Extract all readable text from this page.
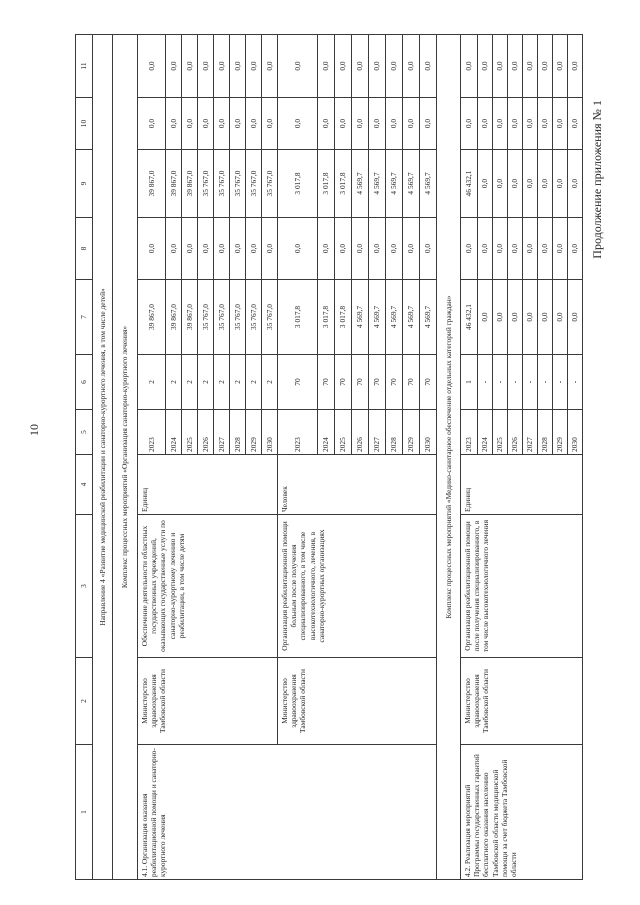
10
Продолжение приложения № 1
1	2	3	4	5	6	7	8	9	10	11
Направление 4 «Развитие медицинской реабилитации и санаторно-курортного лечения, в том числе детей»										
Комплекс процессных мероприятий «Организация санаторно-курортного лечения»										
4.1. Организация оказания реабилитационной помощи и санаторно-курортного лечения	Министерство здравоохранения Тамбовской области	Обеспечение деятельности областных государственных учреждений, оказывающих государственные услуги по санаторно-курортному лечению и реабилитации, в том числе детям	Единиц	2023	2	39 867,0	0,0	39 867,0	0,0	0,0
				2024	2	39 867,0	0,0	39 867,0	0,0	0,0
				2025	2	39 867,0	0,0	39 867,0	0,0	0,0
				2026	2	35 767,0	0,0	35 767,0	0,0	0,0
				2027	2	35 767,0	0,0	35 767,0	0,0	0,0
				2028	2	35 767,0	0,0	35 767,0	0,0	0,0
				2029	2	35 767,0	0,0	35 767,0	0,0	0,0
				2030	2	35 767,0	0,0	35 767,0	0,0	0,0
	Министерство здравоохранения Тамбовской области	Организация реабилитационной помощи больным после получения специализированного, в том числе высокотехнологичного, лечения, в санаторно-курортных организациях	Человек	2023	70	3 017,8	0,0	3 017,8	0,0	0,0
				2024	70	3 017,8	0,0	3 017,8	0,0	0,0
				2025	70	3 017,8	0,0	3 017,8	0,0	0,0
				2026	70	4 569,7	0,0	4 569,7	0,0	0,0
				2027	70	4 569,7	0,0	4 569,7	0,0	0,0
				2028	70	4 569,7	0,0	4 569,7	0,0	0,0
				2029	70	4 569,7	0,0	4 569,7	0,0	0,0
				2030	70	4 569,7	0,0	4 569,7	0,0	0,0
Комплекс процессных мероприятий «Медико-санитарное обеспечение отдельных категорий граждан»										
4.2. Реализация мероприятий Программы государственных гарантий бесплатного оказания населению Тамбовской области медицинской помощи за счет бюджета Тамбовской области	Министерство здравоохранения Тамбовской области	Организация реабилитационной помощи после получения специализированного, в том числе высокотехнологичного лечения	Единиц	2023	1	46 432,1	0,0	46 432,1	0,0	0,0
				2024	-	0,0	0,0	0,0	0,0	0,0
				2025	-	0,0	0,0	0,0	0,0	0,0
				2026	-	0,0	0,0	0,0	0,0	0,0
				2027	-	0,0	0,0	0,0	0,0	0,0
				2028	-	0,0	0,0	0,0	0,0	0,0
				2029	-	0,0	0,0	0,0	0,0	0,0
				2030	-	0,0	0,0	0,0	0,0	0,0
